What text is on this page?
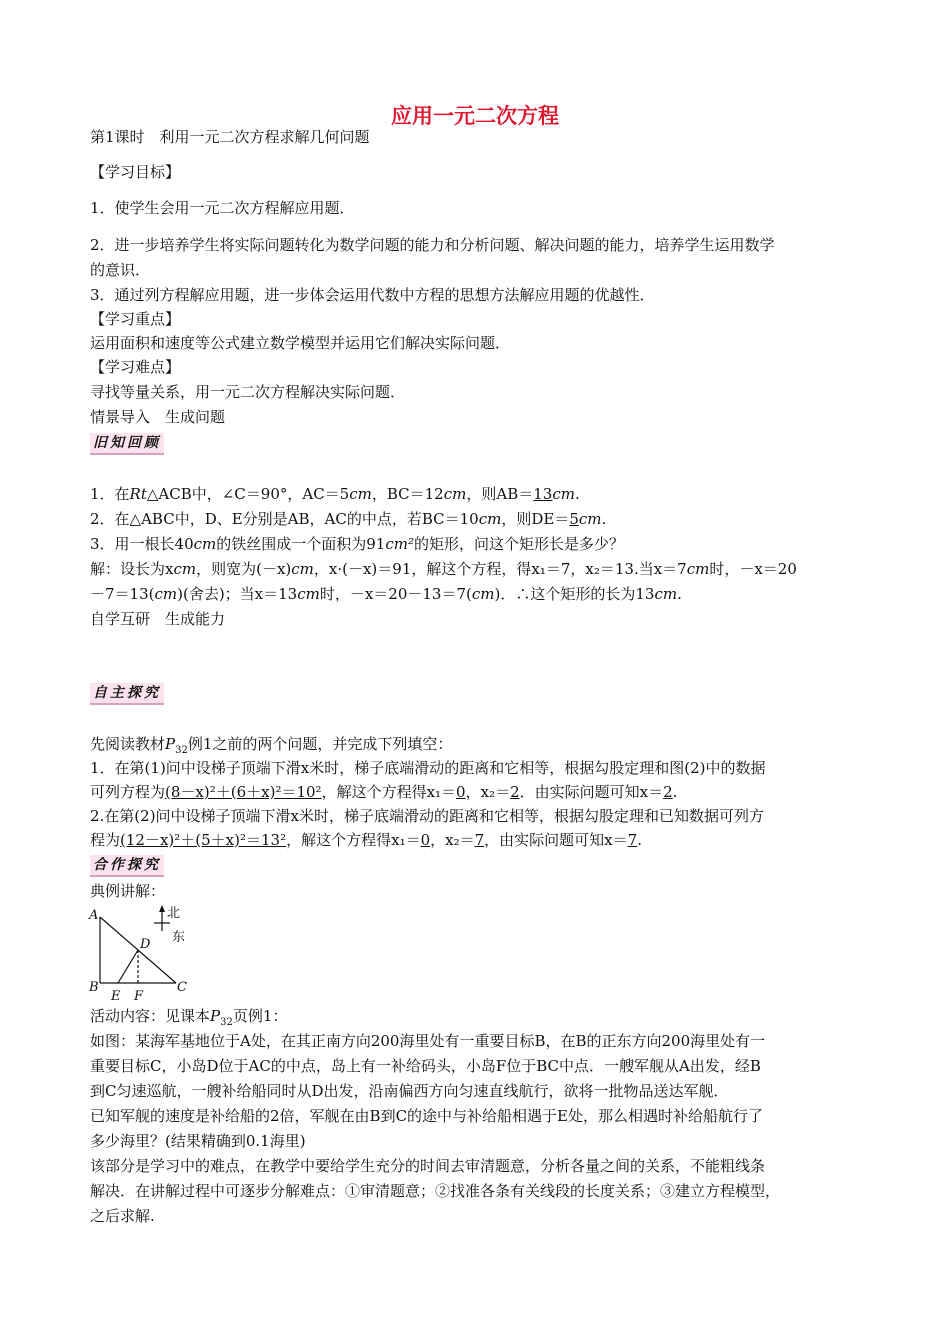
应用一元二次方程
第1课时　利用一元二次方程求解几何问题
【学习目标】
1．使学生会用一元二次方程解应用题．
2．进一步培养学生将实际问题转化为数学问题的能力和分析问题、解决问题的能力，培养学生运用数学
的意识．
3．通过列方程解应用题，进一步体会运用代数中方程的思想方法解应用题的优越性．
【学习重点】
运用面积和速度等公式建立数学模型并运用它们解决实际问题．
【学习难点】
寻找等量关系，用一元二次方程解决实际问题．
情景导入　生成问题
旧知回顾
1．在Rt△ACB中，∠C＝90°，AC＝5cm，BC＝12cm，则AB＝13cm.
2．在△ABC中，D、E分别是AB，AC的中点，若BC＝10cm，则DE＝5cm.
3．用一根长40cm的铁丝围成一个面积为91cm²的矩形，问这个矩形长是多少？
解：设长为xcm，则宽为(－x)cm，x·(－x)＝91，解这个方程，得x₁＝7，x₂＝13.当x＝7cm时，－x＝20
－7＝13(cm)(舍去)；当x＝13cm时，－x＝20－13＝7(cm)．∴这个矩形的长为13cm.
自学互研　生成能力
自主探究
先阅读教材$P_{32}$例1之前的两个问题，并完成下列填空：
1．在第(1)问中设梯子顶端下滑x米时，梯子底端滑动的距离和它相等，根据勾股定理和图(2)中的数据
可列方程为(8－x)²＋(6＋x)²＝10²，解这个方程得x₁＝0，x₂＝2．由实际问题可知x＝2.
2.在第(2)问中设梯子顶端下滑x米时，梯子底端滑动的距离和它相等，根据勾股定理和已知数据可列方
程为(12－x)²＋(5＋x)²＝13²，解这个方程得x₁＝0，x₂＝7，由实际问题可知x＝7.
合作探究
典例讲解：
A
B	C
D
E F
北
东
活动内容：见课本$P_{32}$页例1：
如图：某海军基地位于A处，在其正南方向200海里处有一重要目标B，在B的正东方向200海里处有一
重要目标C，小岛D位于AC的中点，岛上有一补给码头，小岛F位于BC中点．一艘军舰从A出发，经B
到C匀速巡航，一艘补给船同时从D出发，沿南偏西方向匀速直线航行，欲将一批物品送达军舰．
已知军舰的速度是补给船的2倍，军舰在由B到C的途中与补给船相遇于E处，那么相遇时补给船航行了
多少海里？(结果精确到0.1海里)
该部分是学习中的难点，在教学中要给学生充分的时间去审清题意，分析各量之间的关系，不能粗线条
解决．在讲解过程中可逐步分解难点：①审清题意；②找准各条有关线段的长度关系；③建立方程模型，
之后求解.
